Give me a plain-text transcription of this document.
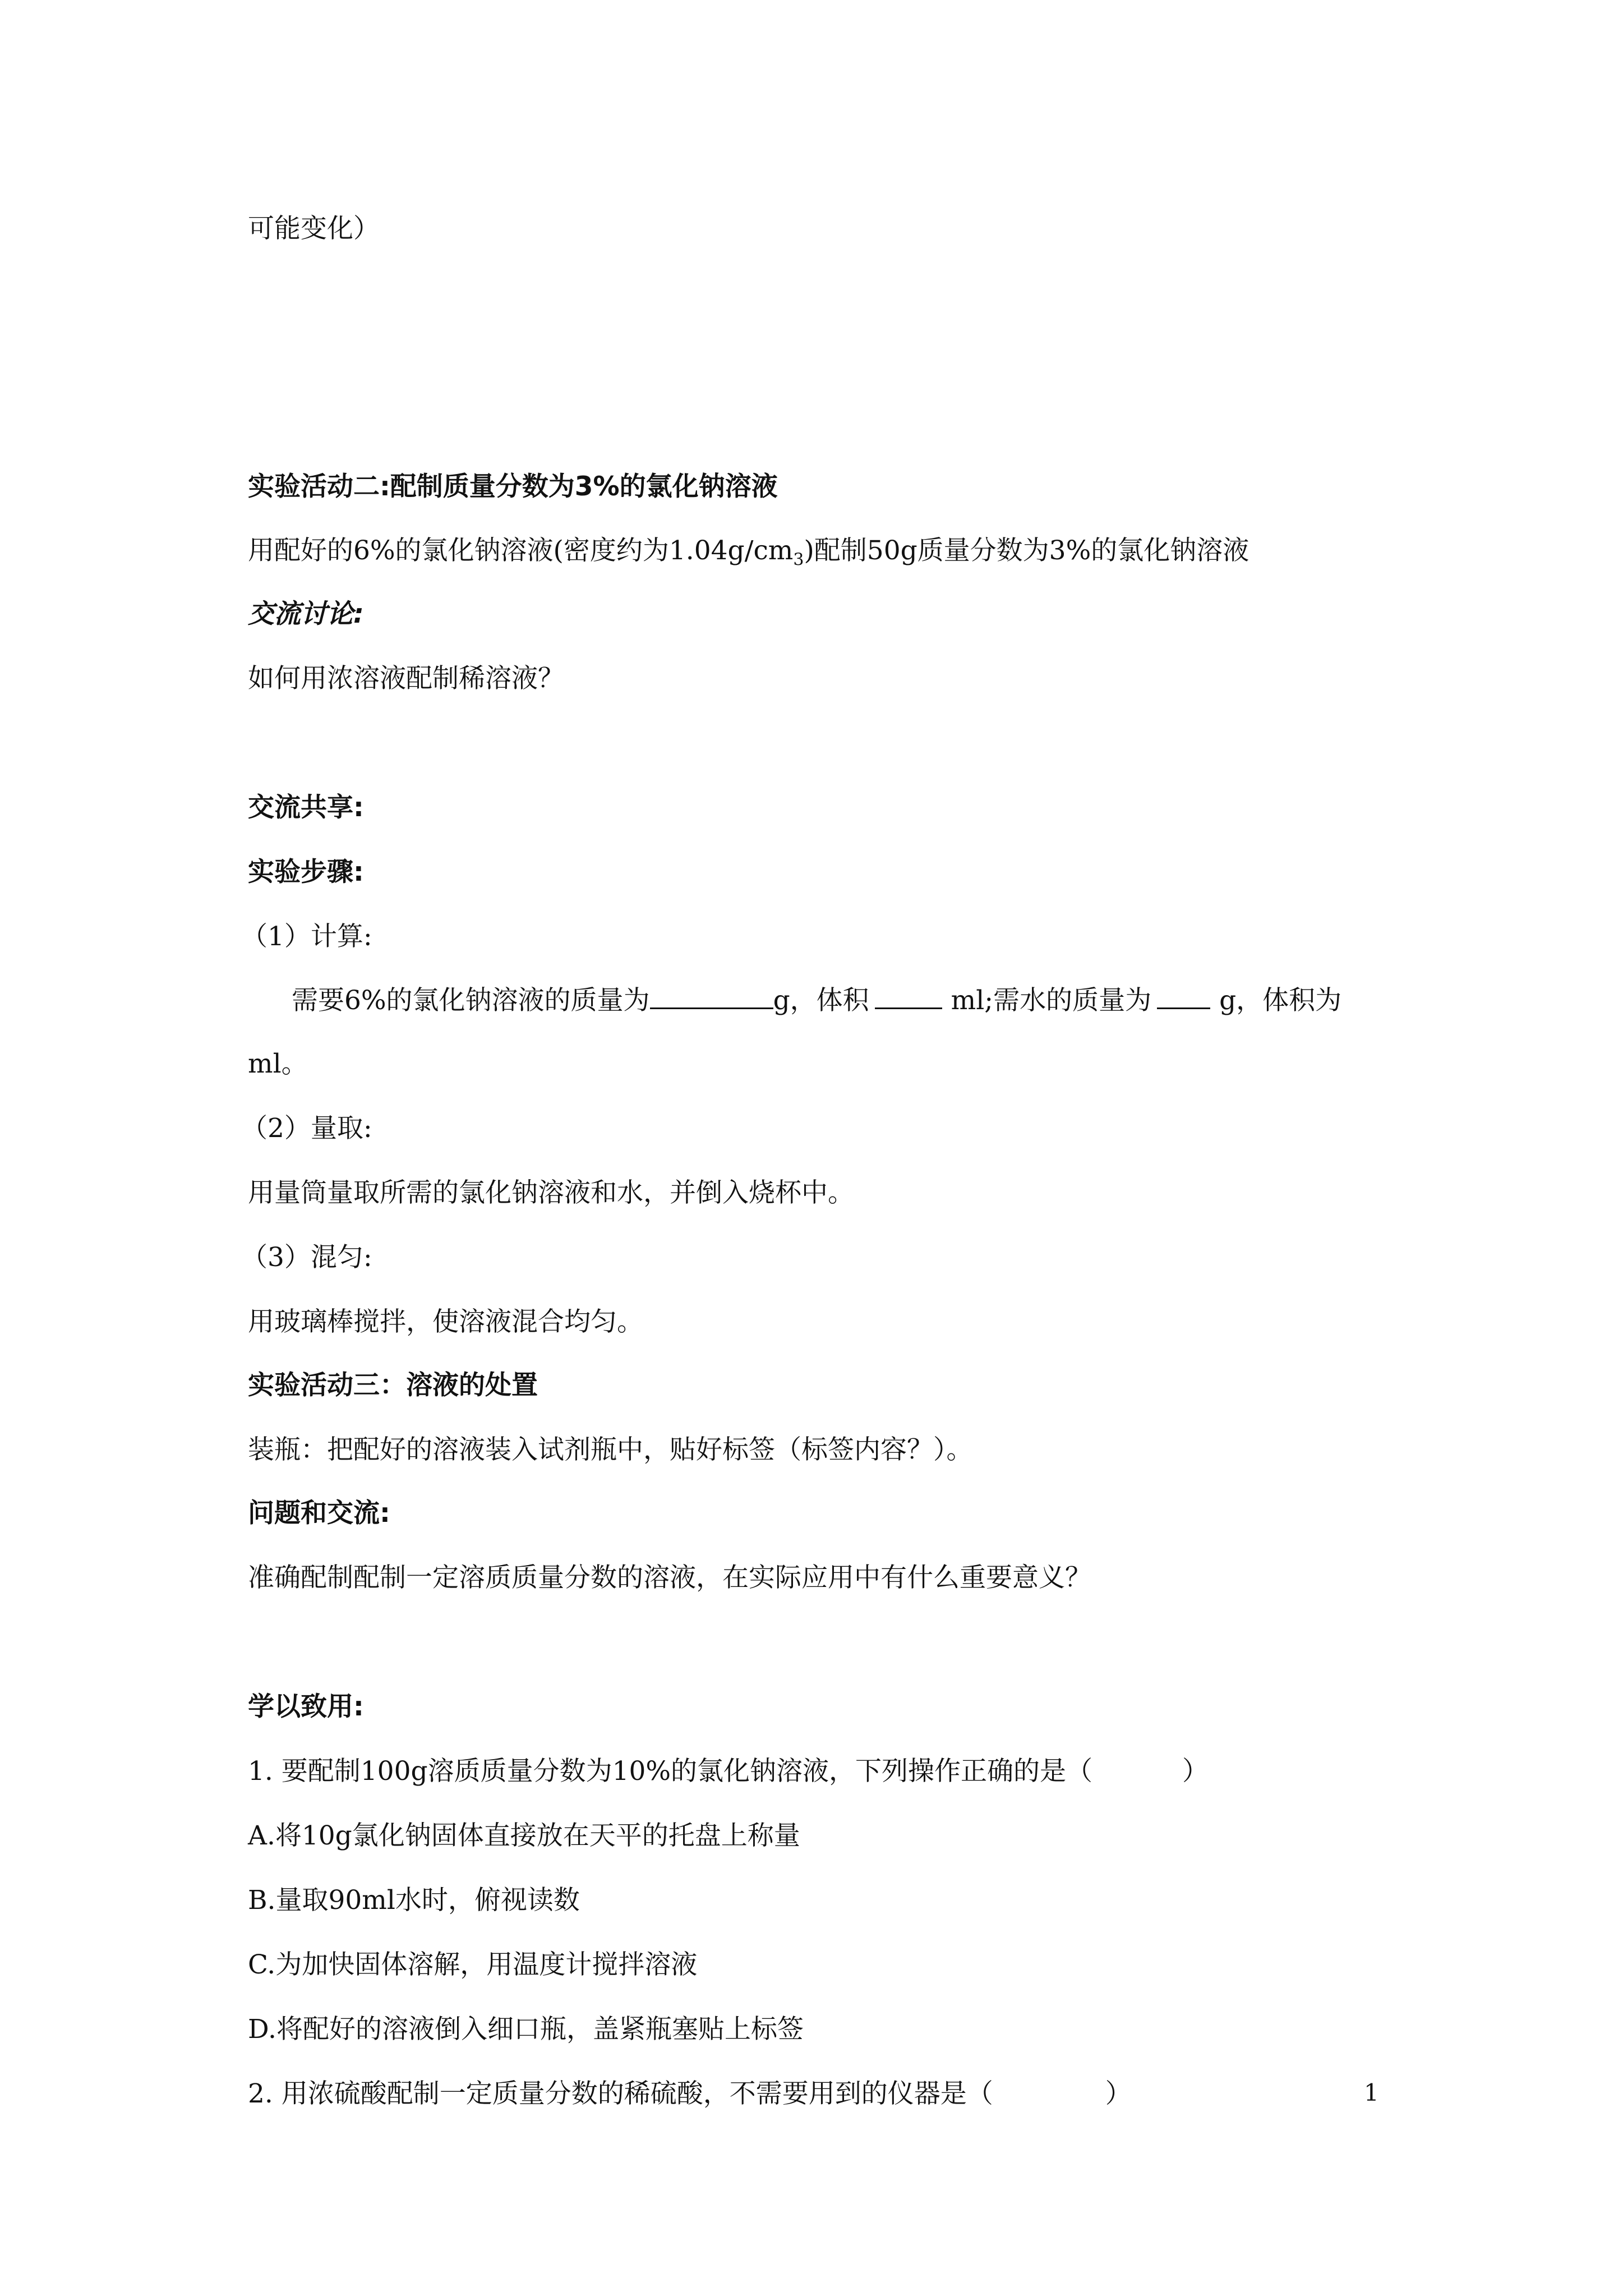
可能变化）
实验活动二:配制质量分数为3%的氯化钠溶液
用配好的6%的氯化钠溶液(密度约为$1.04g/cm_3$)配制50g质量分数为3%的氯化钠溶液
交流讨论:
如何用浓溶液配制稀溶液？
交流共享:
实验步骤:
（1）计算:
需要6%的氯化钠溶液的质量为	g，体积	ml;需水的质量为	g，体积为
ml。
（2）量取:
用量筒量取所需的氯化钠溶液和水，并倒入烧杯中。
（3）混匀:
用玻璃棒搅拌，使溶液混合均匀。
实验活动三：溶液的处置
装瓶：把配好的溶液装入试剂瓶中，贴好标签（标签内容？）。
问题和交流:
准确配制配制一定溶质质量分数的溶液，在实际应用中有什么重要意义？
学以致用:
1. 要配制100g溶质质量分数为10%的氯化钠溶液，下列操作正确的是（	）
A.将10g氯化钠固体直接放在天平的托盘上称量
B.量取90ml水时，俯视读数
C.为加快固体溶解，用温度计搅拌溶液
D.将配好的溶液倒入细口瓶，盖紧瓶塞贴上标签
2. 用浓硫酸配制一定质量分数的稀硫酸，不需要用到的仪器是（	）	1
